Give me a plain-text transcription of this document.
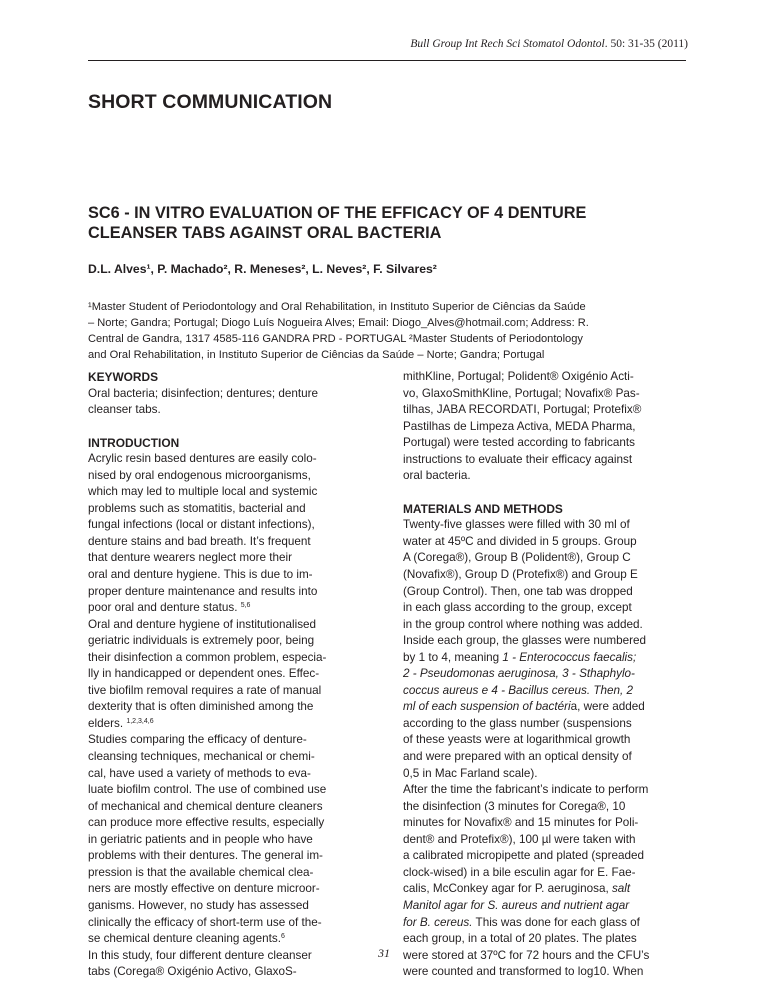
Bull Group Int Rech Sci Stomatol Odontol. 50: 31-35 (2011)
SHORT COMMUNICATION
SC6 - IN VITRO EVALUATION OF THE EFFICACY OF 4 DENTURE
CLEANSER TABS AGAINST ORAL BACTERIA
D.L. Alves¹, P. Machado², R. Meneses², L. Neves², F. Silvares²
¹Master Student of Periodontology and Oral Rehabilitation, in Instituto Superior de Ciências da Saúde
– Norte; Gandra; Portugal; Diogo Luís Nogueira Alves; Email: Diogo_Alves@hotmail.com; Address: R.
Central de Gandra, 1317 4585-116 GANDRA PRD - PORTUGAL ²Master Students of Periodontology
and Oral Rehabilitation, in Instituto Superior de Ciências da Saúde – Norte; Gandra; Portugal
KEYWORDS
Oral bacteria; disinfection; dentures; denture
cleanser tabs.
INTRODUCTION
Acrylic resin based dentures are easily colo-
nised by oral endogenous microorganisms,
which may led to multiple local and systemic
problems such as stomatitis, bacterial and
fungal infections (local or distant infections),
denture stains and bad breath. It’s frequent
that denture wearers neglect more their
oral and denture hygiene. This is due to im-
proper denture maintenance and results into
poor oral and denture status. $^{5,6}$
Oral and denture hygiene of institutionalised
geriatric individuals is extremely poor, being
their disinfection a common problem, especia-
lly in handicapped or dependent ones. Effec-
tive biofilm removal requires a rate of manual
dexterity that is often diminished among the
elders. $^{1,2,3,4,6}$
Studies comparing the efficacy of denture-
cleansing techniques, mechanical or chemi-
cal, have used a variety of methods to eva-
luate biofilm control. The use of combined use
of mechanical and chemical denture cleaners
can produce more effective results, especially
in geriatric patients and in people who have
problems with their dentures. The general im-
pression is that the available chemical clea-
ners are mostly effective on denture microor-
ganisms. However, no study has assessed
clinically the efficacy of short-term use of the-
se chemical denture cleaning agents.$^6$
In this study, four different denture cleanser
tabs (Corega® Oxigénio Activo, GlaxoS-
mithKline, Portugal; Polident® Oxigénio Acti-
vo, GlaxoSmithKline, Portugal; Novafix® Pas-
tilhas, JABA RECORDATI, Portugal; Protefix®
Pastilhas de Limpeza Activa, MEDA Pharma,
Portugal) were tested according to fabricants
instructions to evaluate their efficacy against
oral bacteria.
MATERIALS AND METHODS
Twenty-five glasses were filled with 30 ml of
water at 45ºC and divided in 5 groups. Group
A (Corega®), Group B (Polident®), Group C
(Novafix®), Group D (Protefix®) and Group E
(Group Control). Then, one tab was dropped
in each glass according to the group, except
in the group control where nothing was added.
Inside each group, the glasses were numbered
by 1 to 4, meaning 1 - Enterococcus faecalis;
2 - Pseudomonas aeruginosa, 3 - Sthaphylo-
coccus aureus e 4 - Bacillus cereus. Then, 2
ml of each suspension of bactéria, were added
according to the glass number (suspensions
of these yeasts were at logarithmical growth
and were prepared with an optical density of
0,5 in Mac Farland scale).
After the time the fabricant’s indicate to perform
the disinfection (3 minutes for Corega®, 10
minutes for Novafix® and 15 minutes for Poli-
dent® and Protefix®), 100 µl were taken with
a calibrated micropipette and plated (spreaded
clock-wised) in a bile esculin agar for E. Fae-
calis, McConkey agar for P. aeruginosa, salt
Manitol agar for S. aureus and nutrient agar
for B. cereus. This was done for each glass of
each group, in a total of 20 plates. The plates
were stored at 37ºC for 72 hours and the CFU’s
were counted and transformed to log10. When
31
